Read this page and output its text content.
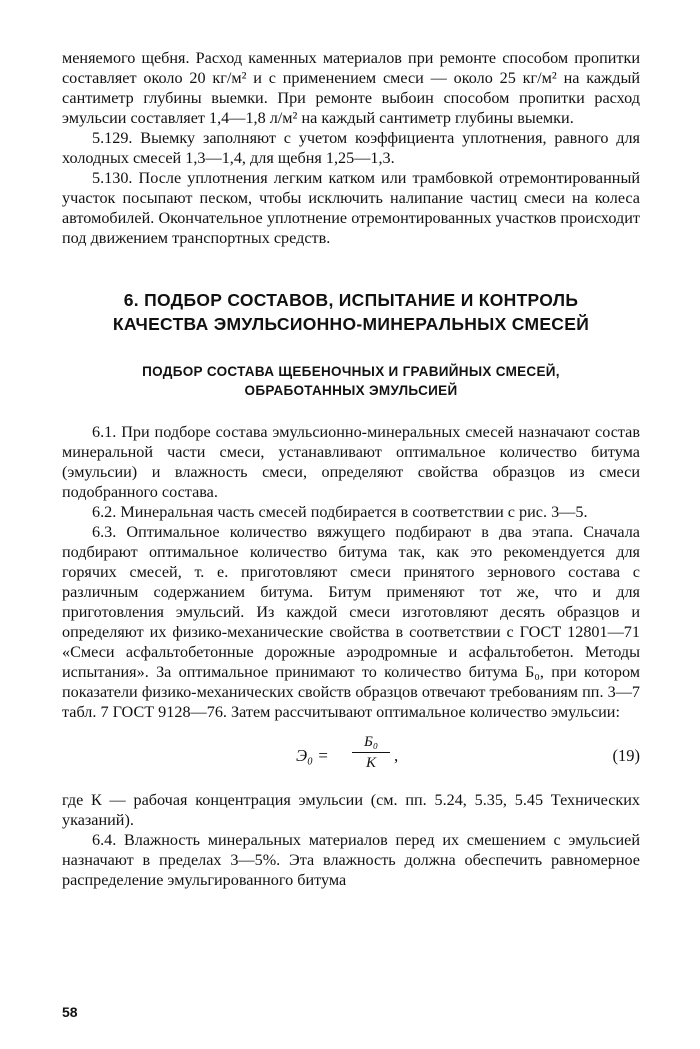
меняемого щебня. Расход каменных материалов при ремонте способом пропитки составляет около 20 кг/м² и с применением смеси — около 25 кг/м² на каждый сантиметр глубины выемки. При ремонте выбоин способом пропитки расход эмульсии составляет 1,4—1,8 л/м² на каждый сантиметр глубины выемки.

5.129. Выемку заполняют с учетом коэффициента уплотнения, равного для холодных смесей 1,3—1,4, для щебня 1,25—1,3.

5.130. После уплотнения легким катком или трамбовкой отремонтированный участок посыпают песком, чтобы исключить налипание частиц смеси на колеса автомобилей. Окончательное уплотнение отремонтированных участков происходит под движением транспортных средств.

6. ПОДБОР СОСТАВОВ, ИСПЫТАНИЕ И КОНТРОЛЬ

КАЧЕСТВА ЭМУЛЬСИОННО-МИНЕРАЛЬНЫХ СМЕСЕЙ

ПОДБОР СОСТАВА ЩЕБЕНОЧНЫХ И ГРАВИЙНЫХ СМЕСЕЙ,

ОБРАБОТАННЫХ ЭМУЛЬСИЕЙ

6.1. При подборе состава эмульсионно-минеральных смесей назначают состав минеральной части смеси, устанавливают оптимальное количество битума (эмульсии) и влажность смеси, определяют свойства образцов из смеси подобранного состава.

6.2. Минеральная часть смесей подбирается в соответствии с рис. 3—5.

6.3. Оптимальное количество вяжущего подбирают в два этапа. Сначала подбирают оптимальное количество битума так, как это рекомендуется для горячих смесей, т. е. приготовляют смеси принятого зернового состава с различным содержанием битума. Битум применяют тот же, что и для приготовления эмульсий. Из каждой смеси изготовляют десять образцов и определяют их физико-механические свойства в соответствии с ГОСТ 12801—71 «Смеси асфальтобетонные дорожные аэродромные и асфальтобетон. Методы испытания». За оптимальное принимают то количество битума Б₀, при котором показатели физико-механических свойств образцов отвечают требованиям пп. 3—7 табл. 7 ГОСТ 9128—76. Затем рассчитывают оптимальное количество эмульсии:

Э₀ =
Б₀
К	,	(19)

где К — рабочая концентрация эмульсии (см. пп. 5.24, 5.35, 5.45 Технических указаний).

6.4. Влажность минеральных материалов перед их смешением с эмульсией назначают в пределах 3—5%. Эта влажность должна обеспечить равномерное распределение эмульгированного битума

58
